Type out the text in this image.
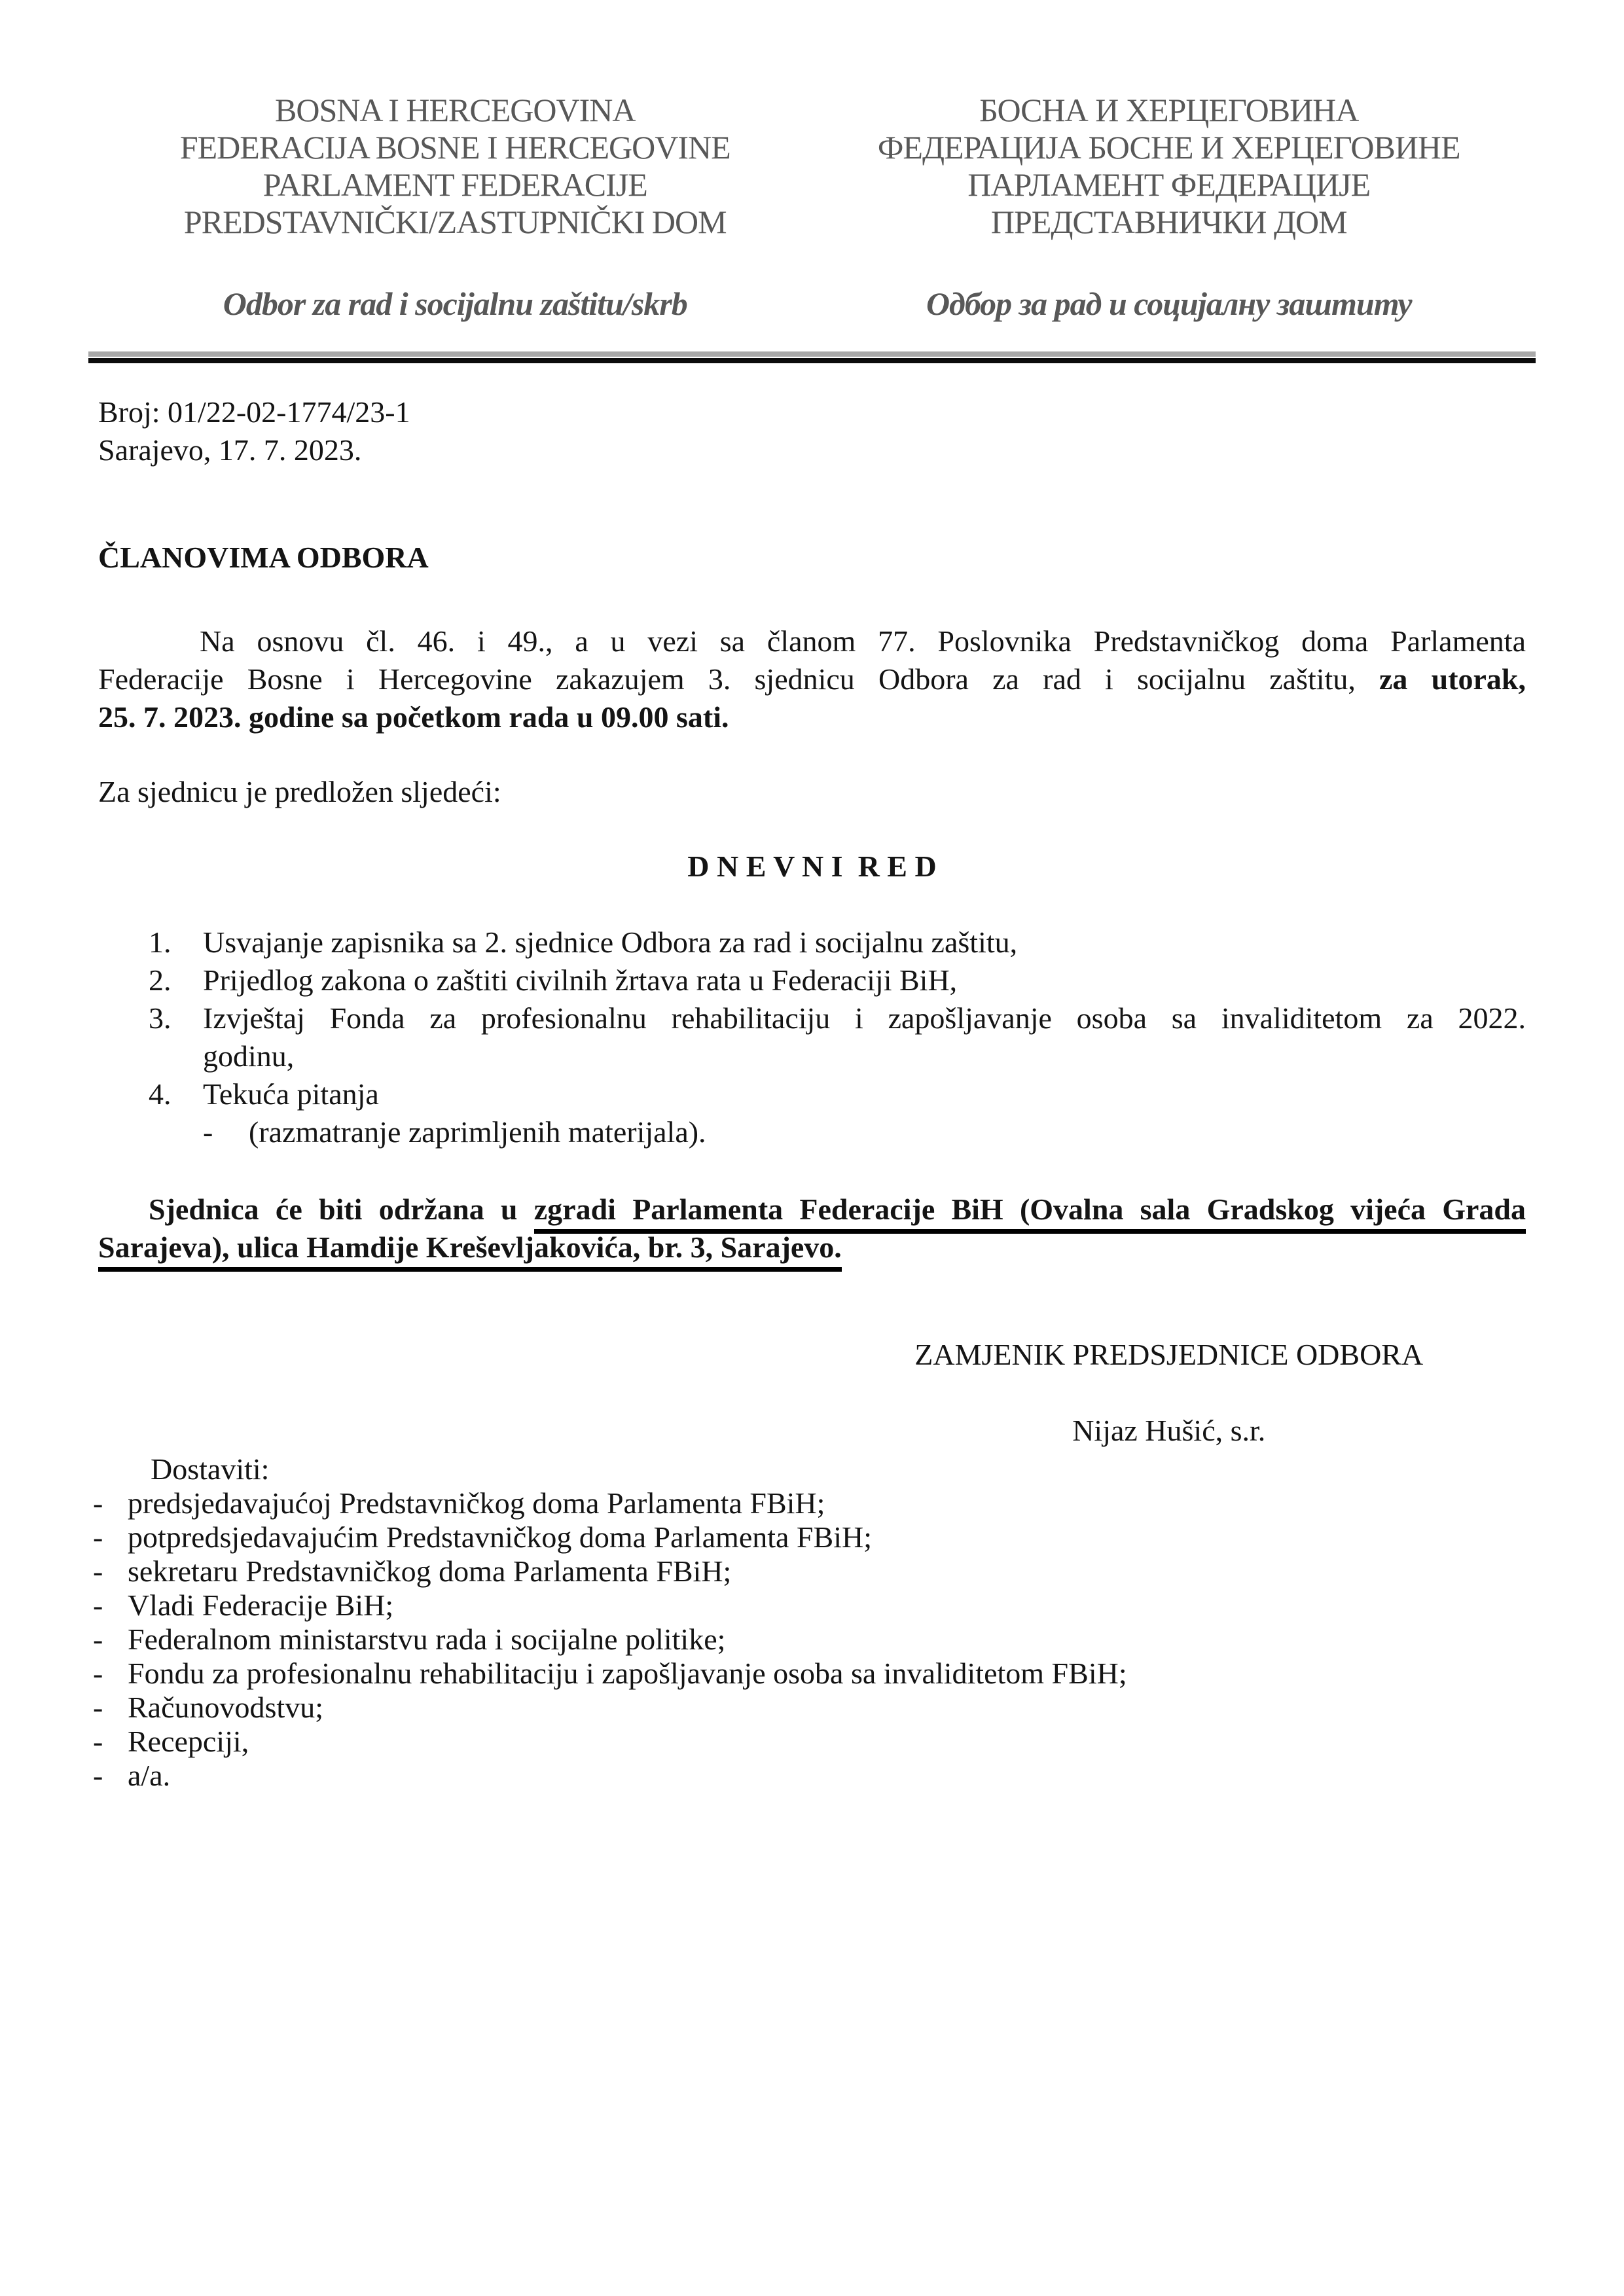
BOSNA I HERCEGOVINA
FEDERACIJA BOSNE I HERCEGOVINE
PARLAMENT FEDERACIJE
PREDSTAVNIČKI/ZASTUPNIČKI DOM
Odbor za rad i socijalnu zaštitu/skrb
БОСНА И ХЕРЦЕГОВИНА
ФЕДЕРАЦИЈА БОСНЕ И ХЕРЦЕГОВИНЕ
ПАРЛАМЕНТ ФЕДЕРАЦИЈЕ
ПРЕДСТАВНИЧКИ ДОМ
Одбор за рад и социјалну заштиту
Broj: 01/22-02-1774/23-1
Sarajevo, 17. 7. 2023.
ČLANOVIMA ODBORA
Na osnovu čl. 46. i 49., a u vezi sa članom 77. Poslovnika Predstavničkog doma Parlamenta
Federacije Bosne i Hercegovine zakazujem 3. sjednicu Odbora za rad i socijalnu zaštitu, za utorak,
25. 7. 2023. godine sa početkom rada u 09.00 sati.
Za sjednicu je predložen sljedeći:
D N E V N I  R E D
1. Usvajanje zapisnika sa 2. sjednice Odbora za rad i socijalnu zaštitu,
2. Prijedlog zakona o zaštiti civilnih žrtava rata u Federaciji BiH,
3. Izvještaj Fonda za profesionalnu rehabilitaciju i zapošljavanje osoba sa invaliditetom za 2022.
godinu,
4. Tekuća pitanja
- (razmatranje zaprimljenih materijala).
Sjednica će biti održana u zgradi Parlamenta Federacije BiH (Ovalna sala Gradskog vijeća Grada
Sarajeva), ulica Hamdije Kreševljakovića, br. 3, Sarajevo.
ZAMJENIK PREDSJEDNICE ODBORA
Nijaz Hušić, s.r.
Dostaviti:
- predsjedavajućoj Predstavničkog doma Parlamenta FBiH;
- potpredsjedavajućim Predstavničkog doma Parlamenta FBiH;
- sekretaru Predstavničkog doma Parlamenta FBiH;
- Vladi Federacije BiH;
- Federalnom ministarstvu rada i socijalne politike;
- Fondu za profesionalnu rehabilitaciju i zapošljavanje osoba sa invaliditetom FBiH;
- Računovodstvu;
- Recepciji,
- a/a.
